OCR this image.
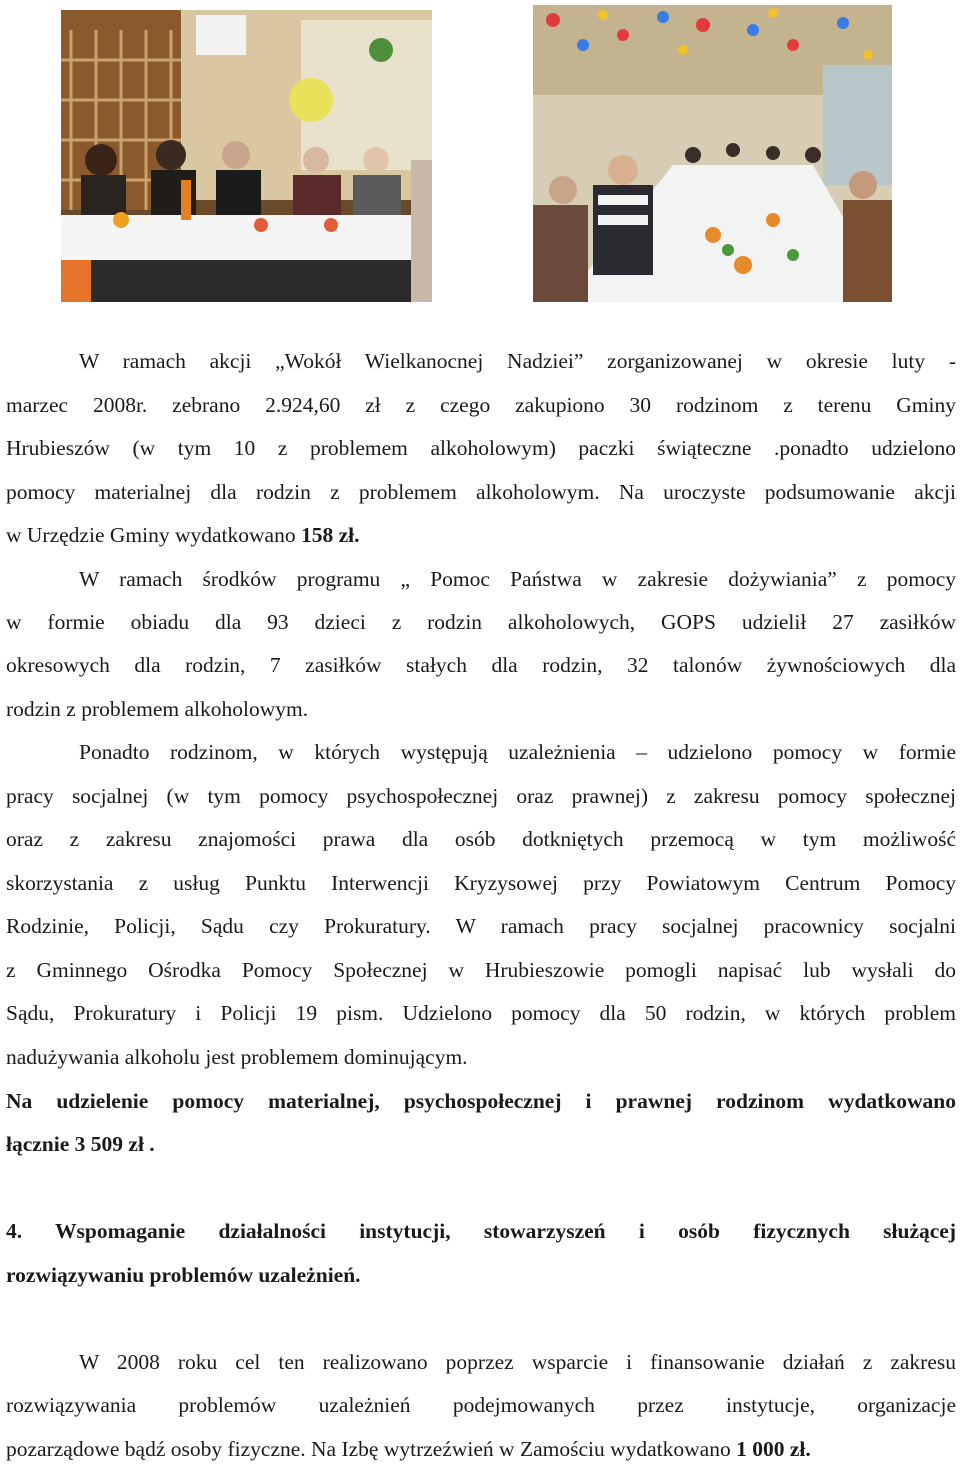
W ramach akcji „Wokół Wielkanocnej Nadziei” zorganizowanej w okresie luty -
marzec 2008r. zebrano 2.924,60 zł z czego zakupiono 30 rodzinom z terenu Gminy
Hrubieszów (w tym 10 z problemem alkoholowym) paczki świąteczne .ponadto udzielono
pomocy materialnej dla rodzin z problemem alkoholowym. Na uroczyste podsumowanie akcji
w Urzędzie Gminy wydatkowano 158 zł.
W ramach środków programu „ Pomoc Państwa w zakresie dożywiania” z pomocy
w formie obiadu dla 93 dzieci z rodzin alkoholowych, GOPS udzielił 27 zasiłków
okresowych dla rodzin, 7 zasiłków stałych dla rodzin, 32 talonów żywnościowych dla
rodzin z problemem alkoholowym.
Ponadto rodzinom, w których występują uzależnienia – udzielono pomocy w formie
pracy socjalnej (w tym pomocy psychospołecznej oraz prawnej) z zakresu pomocy społecznej
oraz z zakresu znajomości prawa dla osób dotkniętych przemocą w tym możliwość
skorzystania z usług Punktu Interwencji Kryzysowej przy Powiatowym Centrum Pomocy
Rodzinie, Policji, Sądu czy Prokuratury. W ramach pracy socjalnej pracownicy socjalni
z Gminnego Ośrodka Pomocy Społecznej w Hrubieszowie pomogli napisać lub wysłali do
Sądu, Prokuratury i Policji 19 pism. Udzielono pomocy dla 50 rodzin, w których problem
nadużywania alkoholu jest problemem dominującym.
Na udzielenie pomocy materialnej, psychospołecznej i prawnej rodzinom wydatkowano
łącznie 3 509 zł .
4. Wspomaganie działalności instytucji, stowarzyszeń i osób fizycznych służącej
rozwiązywaniu problemów uzależnień.
W 2008 roku cel ten realizowano poprzez wsparcie i finansowanie działań z zakresu
rozwiązywania problemów uzależnień podejmowanych przez instytucje, organizacje
pozarządowe bądź osoby fizyczne. Na Izbę wytrzeźwień w Zamościu wydatkowano 1 000 zł.
